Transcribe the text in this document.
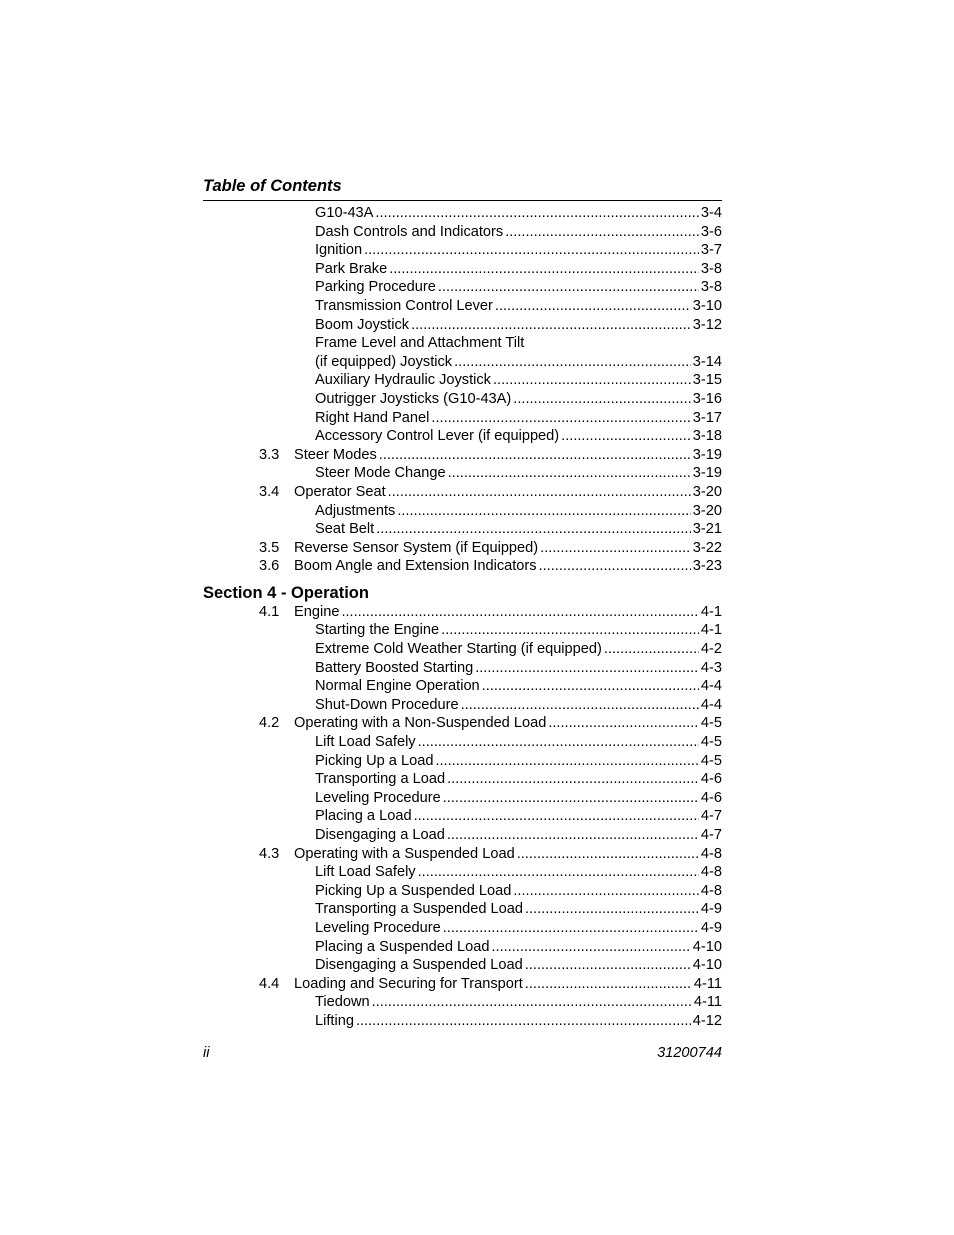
Table of Contents
G10-43A .....	3-4
Dash Controls and Indicators .....	3-6
Ignition .....	3-7
Park Brake .....	3-8
Parking Procedure .....	3-8
Transmission Control Lever .....	3-10
Boom Joystick .....	3-12
Frame Level and Attachment Tilt
(if equipped) Joystick .....	3-14
Auxiliary Hydraulic Joystick .....	3-15
Outrigger Joysticks (G10-43A) .....	3-16
Right Hand Panel .....	3-17
Accessory Control Lever (if equipped) .....	3-18
3.3	Steer Modes .....	3-19
Steer Mode Change .....	3-19
3.4	Operator Seat .....	3-20
Adjustments .....	3-20
Seat Belt .....	3-21
3.5	Reverse Sensor System (if Equipped) .....	3-22
3.6	Boom Angle and Extension Indicators .....	3-23
Section 4 - Operation
4.1	Engine .....	4-1
Starting the Engine .....	4-1
Extreme Cold Weather Starting (if equipped) .....	4-2
Battery Boosted Starting .....	4-3
Normal Engine Operation .....	4-4
Shut-Down Procedure .....	4-4
4.2	Operating with a Non-Suspended Load .....	4-5
Lift Load Safely .....	4-5
Picking Up a Load .....	4-5
Transporting a Load .....	4-6
Leveling Procedure .....	4-6
Placing a Load .....	4-7
Disengaging a Load .....	4-7
4.3	Operating with a Suspended Load .....	4-8
Lift Load Safely .....	4-8
Picking Up a Suspended Load .....	4-8
Transporting a Suspended Load .....	4-9
Leveling Procedure .....	4-9
Placing a Suspended Load .....	4-10
Disengaging a Suspended Load .....	4-10
4.4	Loading and Securing for Transport .....	4-11
Tiedown .....	4-11
Lifting .....	4-12
ii	31200744
